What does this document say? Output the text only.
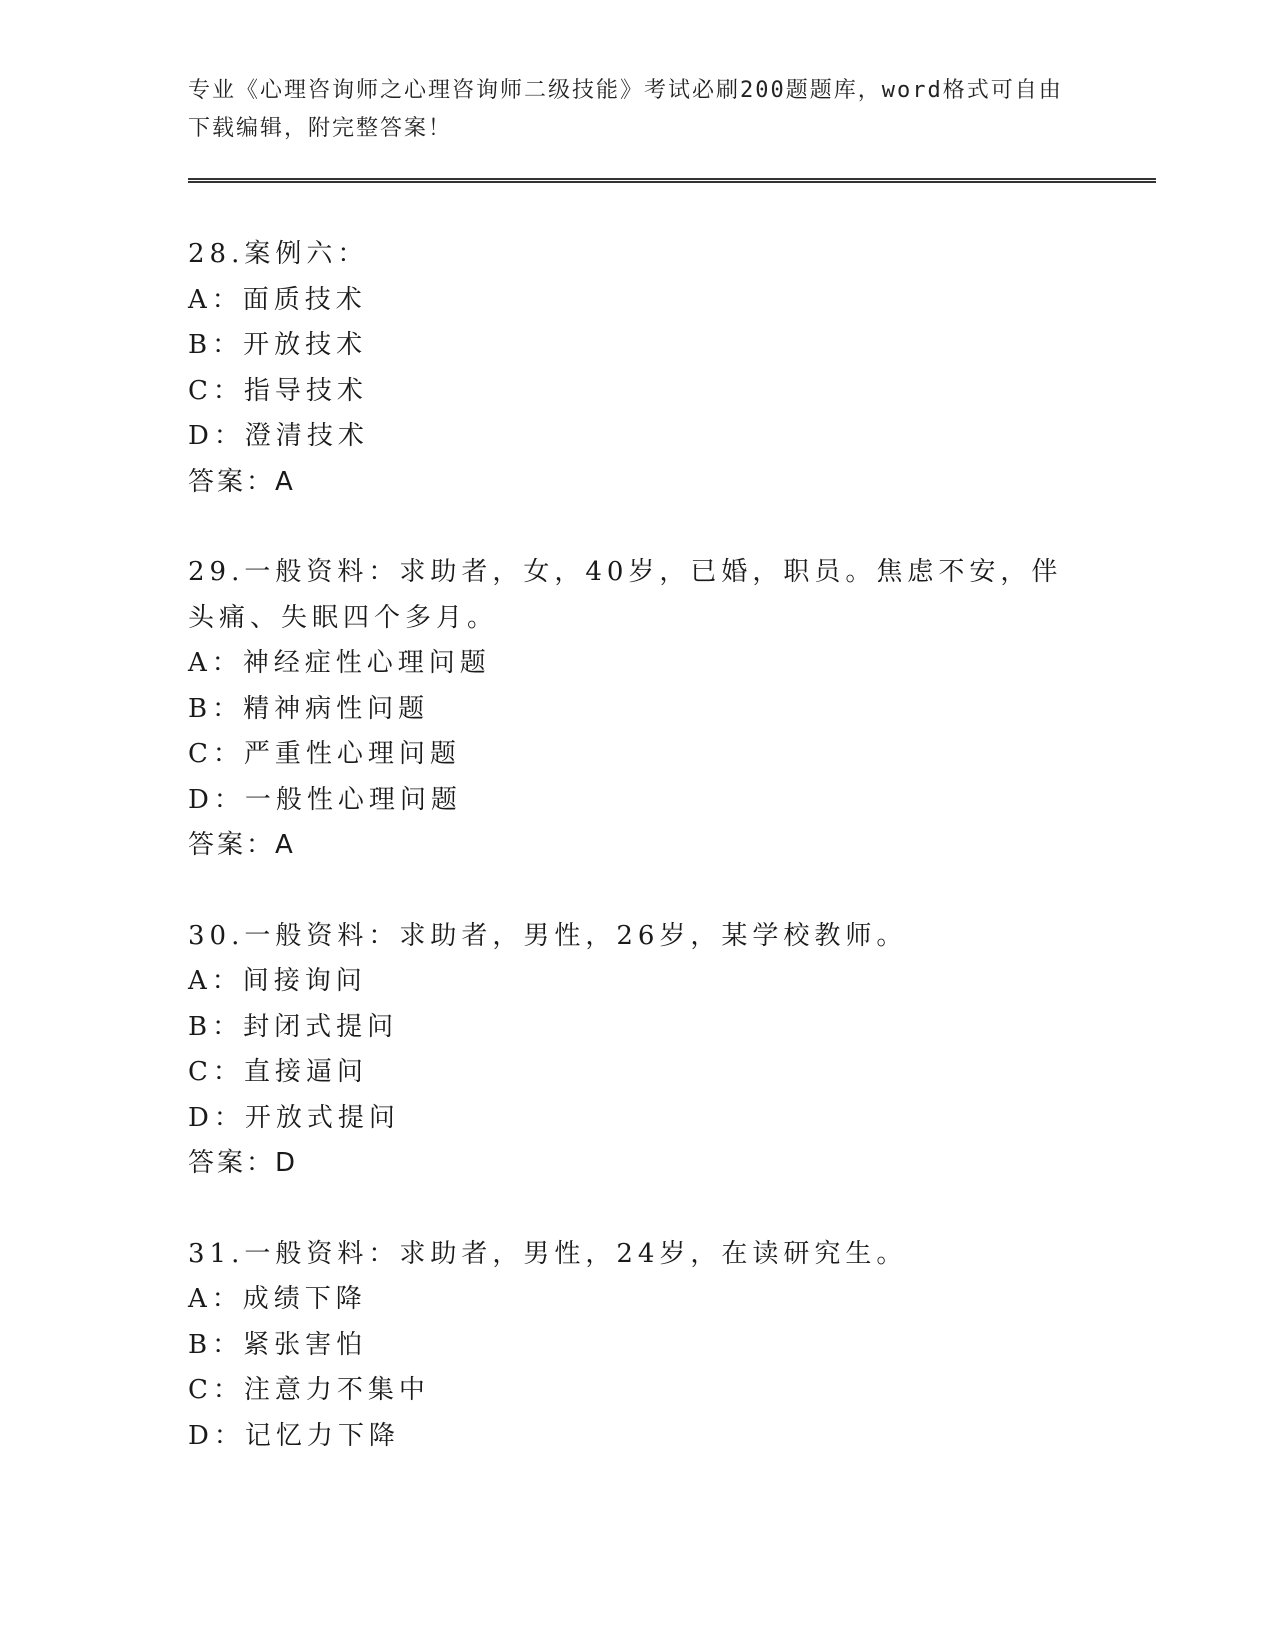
专业《心理咨询师之心理咨询师二级技能》考试必刷200题题库，word格式可自由下载编辑，附完整答案！

28.案例六：
A：面质技术
B：开放技术
C：指导技术
D：澄清技术
答案：A
29.一般资料：求助者，女，40岁，已婚，职员。焦虑不安，伴头痛、失眠四个多月。
A：神经症性心理问题
B：精神病性问题
C：严重性心理问题
D：一般性心理问题
答案：A
30.一般资料：求助者，男性，26岁，某学校教师。
A：间接询问
B：封闭式提问
C：直接逼问
D：开放式提问
答案：D
31.一般资料：求助者，男性，24岁，在读研究生。
A：成绩下降
B：紧张害怕
C：注意力不集中
D：记忆力下降
